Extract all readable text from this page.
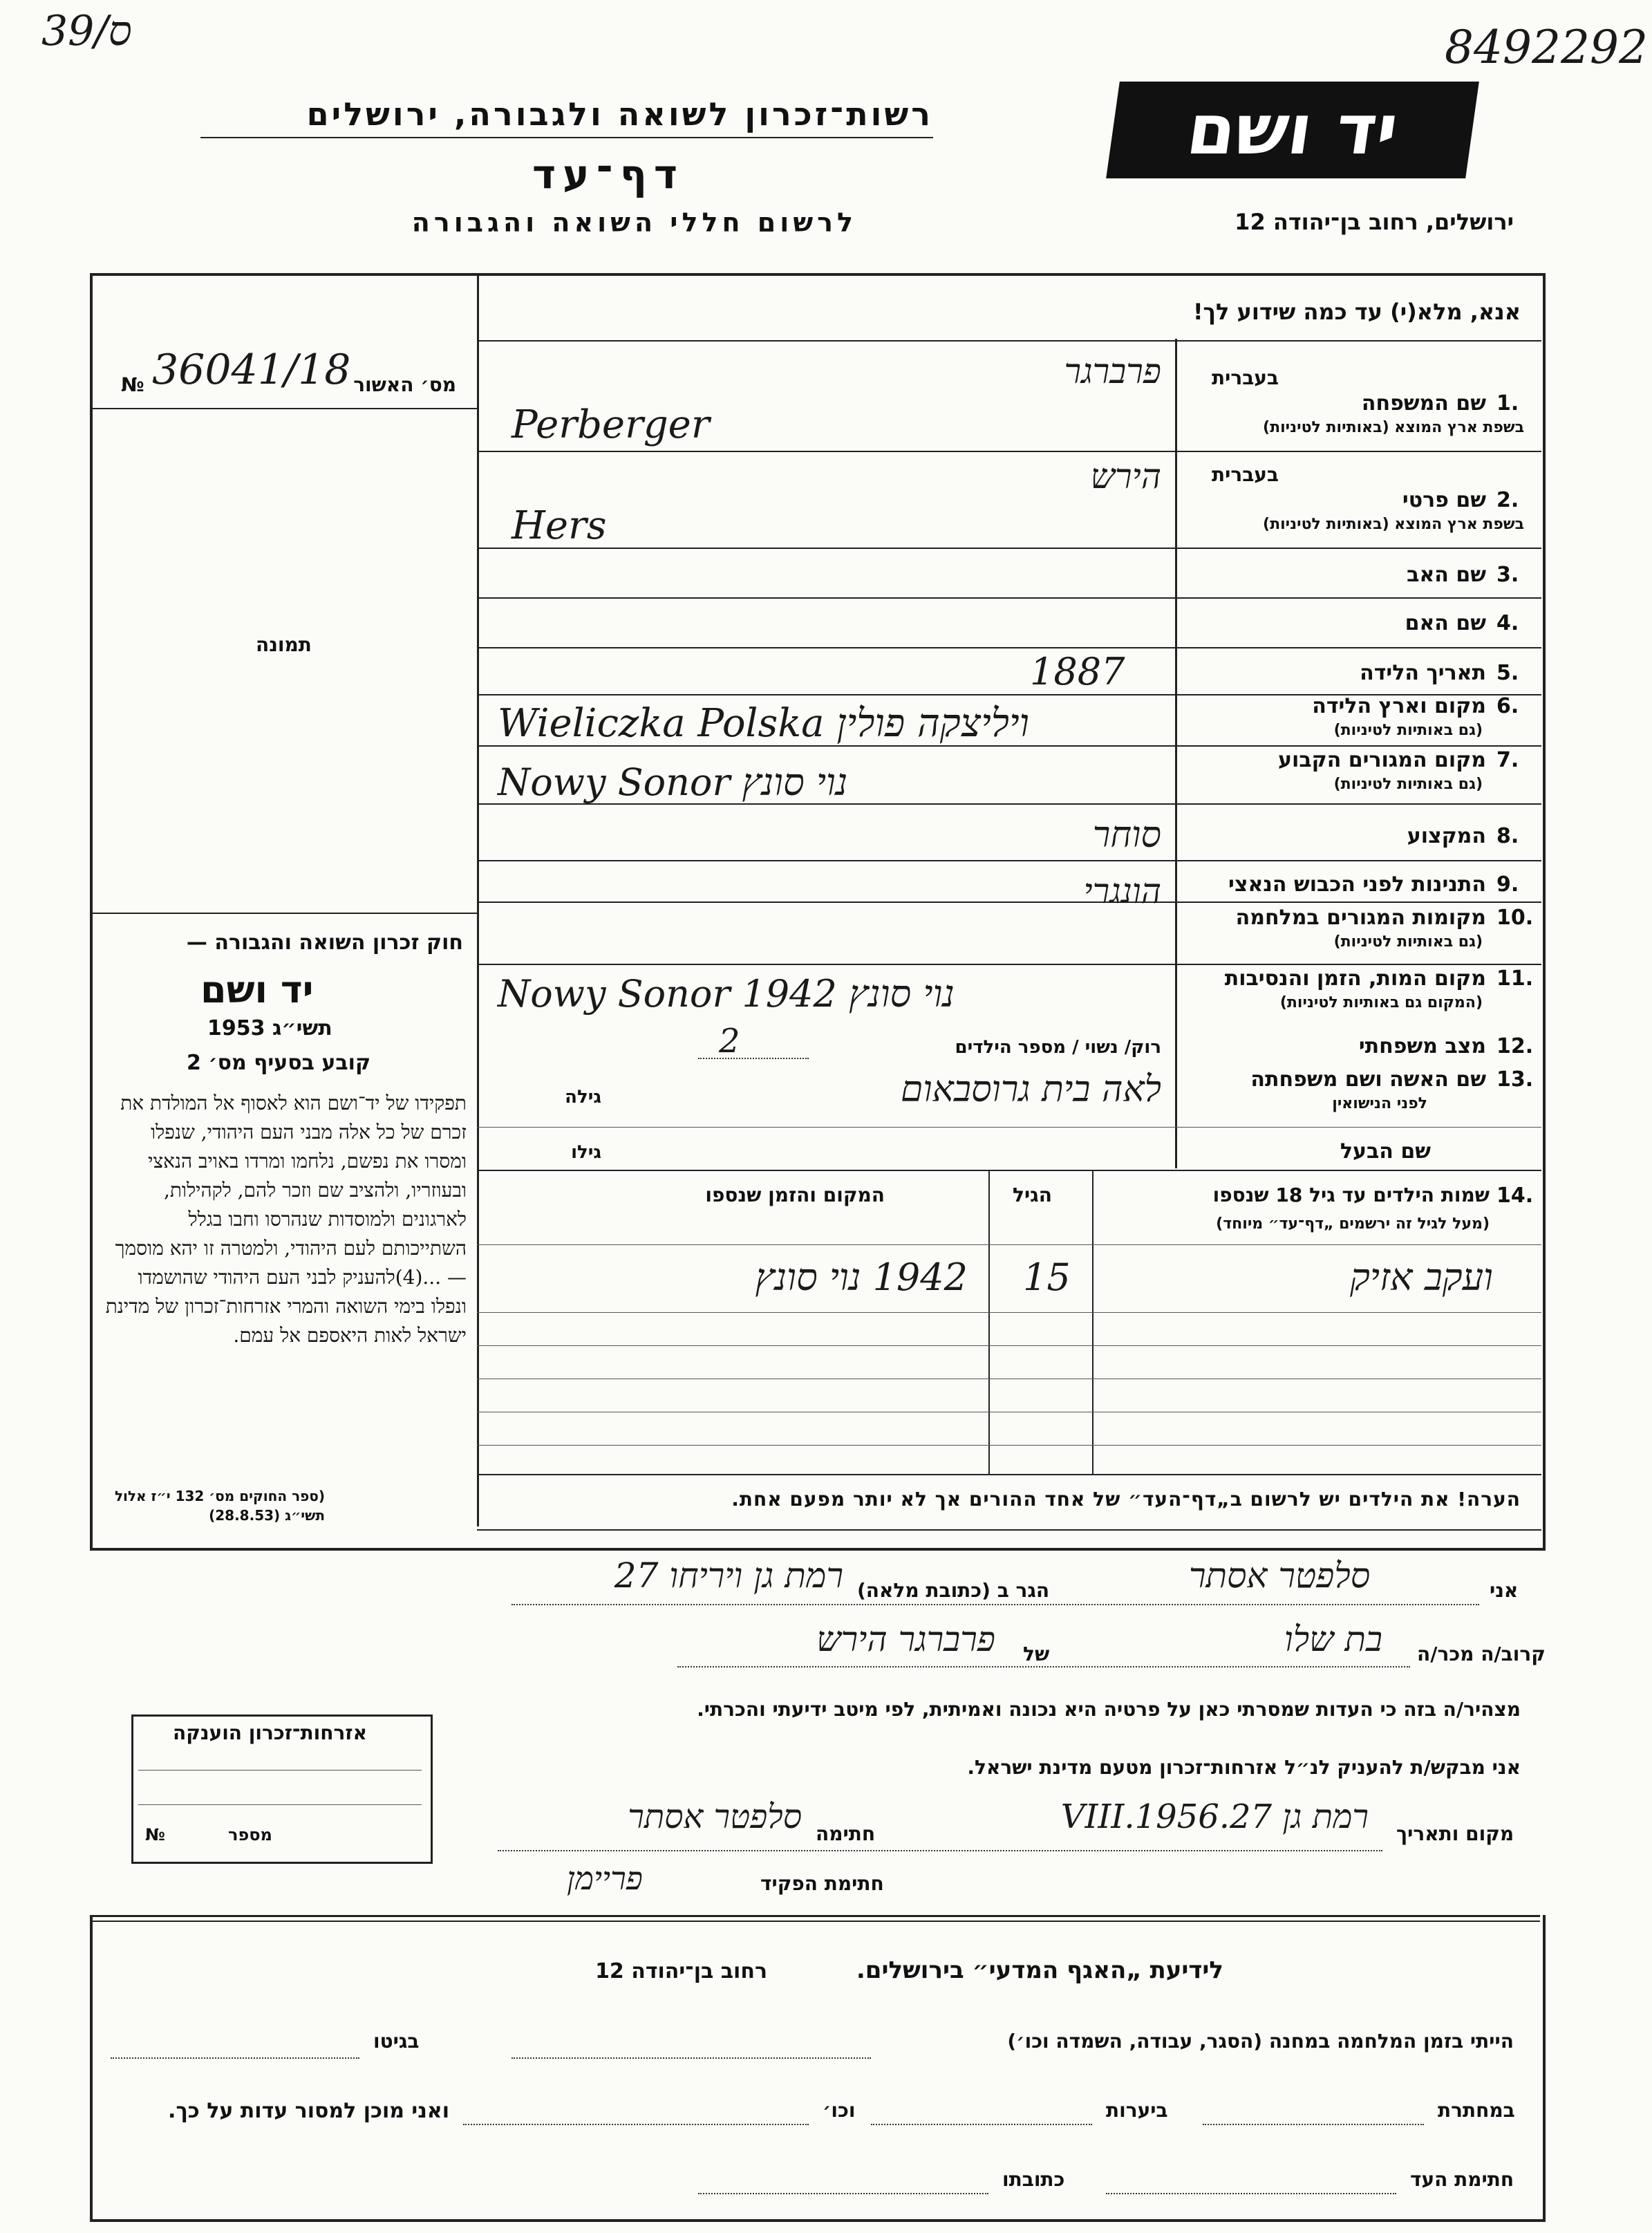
39/ס	8492292
רשות־זכרון לשואה ולגבורה, ירושלים
דף־עד
לרשום חללי השואה והגבורה
יד ושם
ירושלים, רחוב בן־יהודה 12
אנא, מלא(י) עד כמה שידוע לך!
№ 36041/18 מס׳ האשור
תמונה
שם המשפחה 1.
בעברית
בשפת ארץ המוצא (באותיות לטיניות)
פרברגר
Perberger
שם פרטי 2.
בעברית
בשפת ארץ המוצא (באותיות לטיניות)
הירש
Hers
שם האב 3.
שם האם 4.
תאריך הלידה 5.
1887
מקום וארץ הלידה 6.
(גם באותיות לטיניות)
Wieliczka Polska ויליצקה פולין
מקום המגורים הקבוע 7.
(גם באותיות לטיניות)
Nowy Sonor נוי סונץ
המקצוע 8.
סוחר
התנינות לפני הכבוש הנאצי 9.
מקומות המגורים במלחמה 10.
(גם באותיות לטיניות)
הונגרי
מקום המות, הזמן והנסיבות 11.
(המקום גם באותיות לטיניות)
Nowy Sonor 1942 נוי סונץ
מצב משפחתי 12.
רוק/ נשוי / מספר הילדים
2
שם האשה ושם משפחתה 13.
לפני הנישואין
לאה בית גרוסבאום
גילה
שם הבעל
גילו
14.
שמות הילדים עד גיל 18 שנספו
(מעל לגיל זה ירשמים „דף־עד״ מיוחד)
הגיל
המקום והזמן שנספו
ועקב אזיק
15
1942 נוי סונץ
הערה! את הילדים יש לרשום ב„דף־העד״ של אחד ההורים אך לא יותר מפעם אחת.
חוק זכרון השואה והגבורה —
יד ושם
תשי״ג 1953
קובע בסעיף מס׳ 2
תפקידו של יד־ושם הוא לאסוף אל המולדת את זכרם של כל אלה מבני העם היהודי, שנפלו ומסרו את נפשם, נלחמו ומרדו באויב הנאצי ובעוזריו, ולהציב שם וזכר להם, לקהילות, לארגונים ולמוסדות שנהרסו וחבו בגלל השתייכותם לעם היהודי, ולמטרה זו יהא מוסמך — ...(4)להעניק לבני העם היהודי שהושמדו ונפלו בימי השואה והמרי אזרחות־זכרון של מדינת ישראל לאות היאספם אל עמם.
(ספר החוקים מס׳ 132 י״ז אלול תשי״ג (28.8.53)
אני
סלפטר אסתר
הגר ב (כתובת מלאה)
רמת גן ויריחו 27
קרוב/ה מכר/ה
בת שלו
של
פרברגר הירש
מצהיר/ה בזה כי העדות שמסרתי כאן על פרטיה היא נכונה ואמיתית, לפי מיטב ידיעתי והכרתי.
אני מבקש/ת להעניק לנ״ל אזרחות־זכרון מטעם מדינת ישראל.
מקום ותאריך
רמת גן 27.VIII.1956
חתימה
סלפטר אסתר
חתימת הפקיד
פריימן
אזרחות־זכרון הוענקה
№	מספר
לידיעת „האגף המדעי״ בירושלים.
רחוב בן־יהודה 12
הייתי בזמן המלחמה במחנה (הסגר, עבודה, השמדה וכו׳)
בגיטו
במחתרת
ביערות
וכו׳
ואני מוכן למסור עדות על כך.
חתימת העד
כתובתו
